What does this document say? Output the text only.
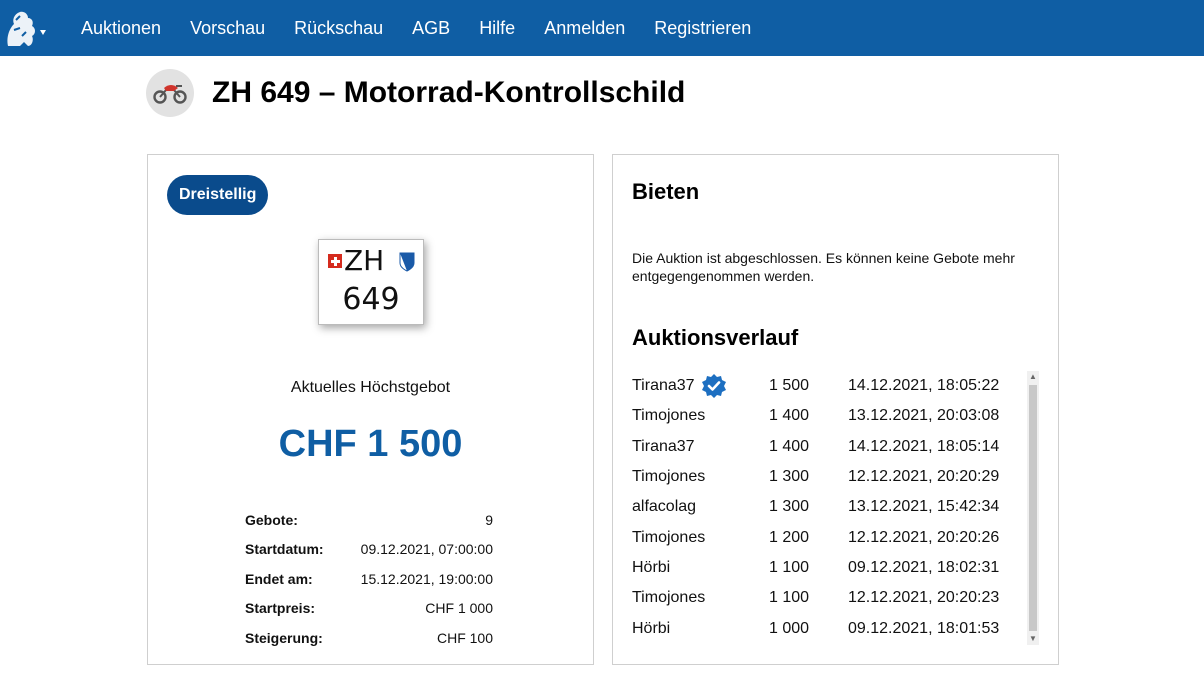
Auktionen Vorschau Rückschau AGB Hilfe Anmelden Registrieren
ZH 649 – Motorrad-Kontrollschild
Dreistellig
ZH
649
Aktuelles Höchstgebot
CHF 1 500
Gebote:	9
Startdatum:	09.12.2021, 07:00:00
Endet am:	15.12.2021, 19:00:00
Startpreis:	CHF 1 000
Steigerung:	CHF 100
Bieten
Die Auktion ist abgeschlossen. Es können keine Gebote mehr entgegengenommen werden.
Auktionsverlauf
Tirana37	1 500	14.12.2021, 18:05:22
Timojones	1 400	13.12.2021, 20:03:08
Tirana37	1 400	14.12.2021, 18:05:14
Timojones	1 300	12.12.2021, 20:20:29
alfacolag	1 300	13.12.2021, 15:42:34
Timojones	1 200	12.12.2021, 20:20:26
Hörbi	1 100	09.12.2021, 18:02:31
Timojones	1 100	12.12.2021, 20:20:23
Hörbi	1 000	09.12.2021, 18:01:53
▲
▼
